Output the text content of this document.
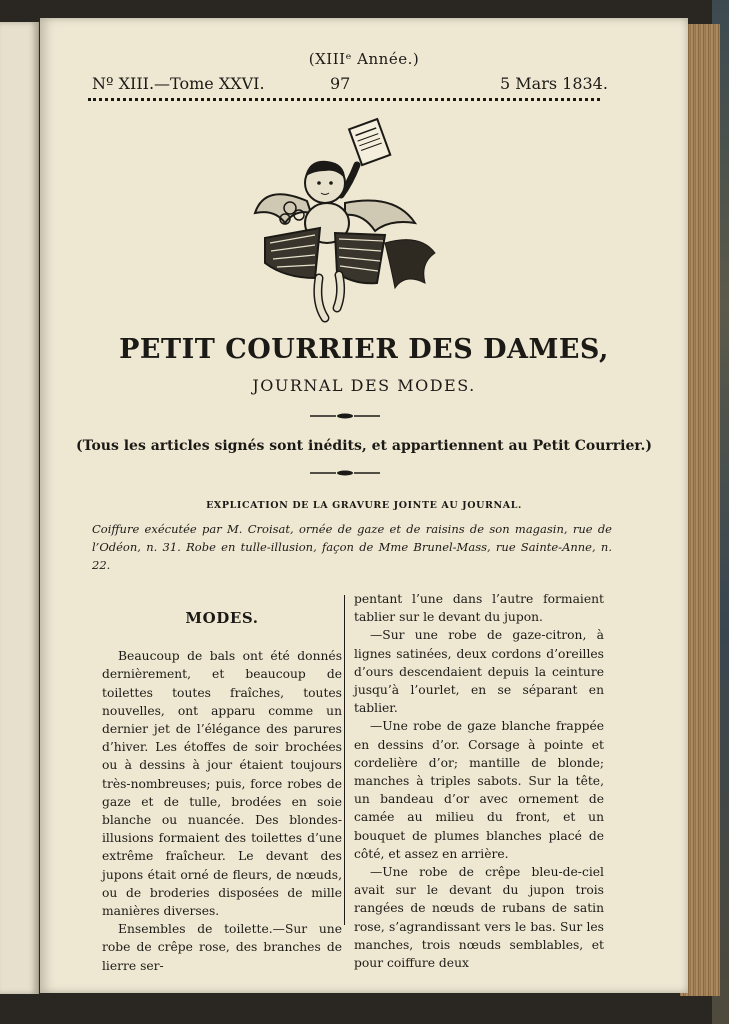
(XIIIᵉ Année.)
Nº XIII.—Tome XXVI.	97	5 Mars 1834.
PETIT COURRIER DES DAMES,
JOURNAL DES MODES.
(Tous les articles signés sont inédits, et appartiennent au Petit Courrier.)
EXPLICATION DE LA GRAVURE JOINTE AU JOURNAL.
Coiffure exécutée par M. Croisat, ornée de gaze et de raisins de son magasin, rue de l’Odéon, n. 31. Robe en tulle-illusion, façon de Mme Brunel-Mass, rue Sainte-Anne, n. 22.

MODES.

Beaucoup de bals ont été donnés dernièrement, et beaucoup de toilettes toutes fraîches, toutes nouvelles, ont apparu comme un dernier jet de l’élégance des parures d’hiver. Les étoffes de soir brochées ou à dessins à jour étaient toujours très-nombreuses; puis, force robes de gaze et de tulle, brodées en soie blanche ou nuancée. Des blondes-illusions formaient des toilettes d’une extrême fraîcheur. Le devant des jupons était orné de fleurs, de nœuds, ou de broderies disposées de mille manières diverses.

Ensembles de toilette.—Sur une robe de crêpe rose, des branches de lierre ser-

pentant l’une dans l’autre formaient tablier sur le devant du jupon.

—Sur une robe de gaze-citron, à lignes satinées, deux cordons d’oreilles d’ours descendaient depuis la ceinture jusqu’à l’ourlet, en se séparant en tablier.

—Une robe de gaze blanche frappée en dessins d’or. Corsage à pointe et cordelière d’or; mantille de blonde; manches à triples sabots. Sur la tête, un bandeau d’or avec ornement de camée au milieu du front, et un bouquet de plumes blanches placé de côté, et assez en arrière.

—Une robe de crêpe bleu-de-ciel avait sur le devant du jupon trois rangées de nœuds de rubans de satin rose, s’agrandissant vers le bas. Sur les manches, trois nœuds semblables, et pour coiffure deux
